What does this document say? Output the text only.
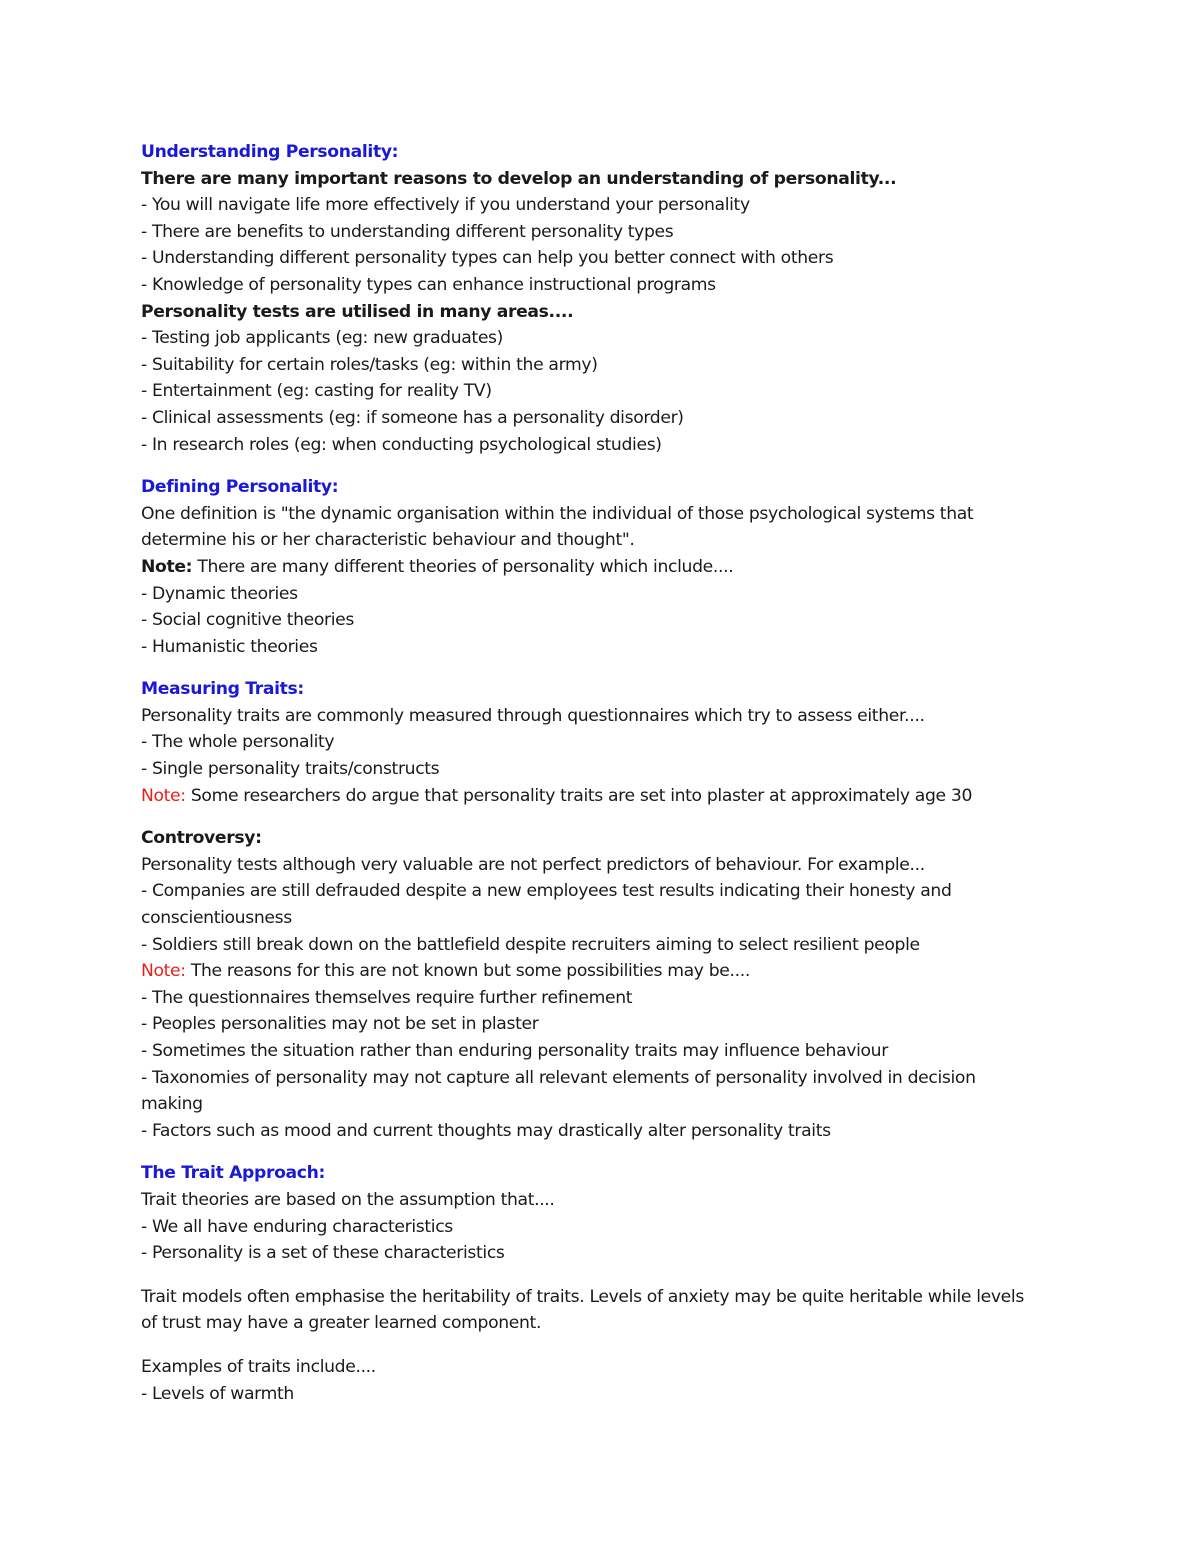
Understanding Personality:
There are many important reasons to develop an understanding of personality...
- You will navigate life more effectively if you understand your personality
- There are benefits to understanding different personality types
- Understanding different personality types can help you better connect with others
- Knowledge of personality types can enhance instructional programs
Personality tests are utilised in many areas....
- Testing job applicants (eg: new graduates)
- Suitability for certain roles/tasks (eg: within the army)
- Entertainment (eg: casting for reality TV)
- Clinical assessments (eg: if someone has a personality disorder)
- In research roles (eg: when conducting psychological studies)
Defining Personality:
One definition is "the dynamic organisation within the individual of those psychological systems that determine his or her characteristic behaviour and thought".
Note: There are many different theories of personality which include....
- Dynamic theories
- Social cognitive theories
- Humanistic theories
Measuring Traits:
Personality traits are commonly measured through questionnaires which try to assess either....
- The whole personality
- Single personality traits/constructs
Note: Some researchers do argue that personality traits are set into plaster at approximately age 30
Controversy:
Personality tests although very valuable are not perfect predictors of behaviour. For example...
- Companies are still defrauded despite a new employees test results indicating their honesty and conscientiousness
- Soldiers still break down on the battlefield despite recruiters aiming to select resilient people
Note: The reasons for this are not known but some possibilities may be....
- The questionnaires themselves require further refinement
- Peoples personalities may not be set in plaster
- Sometimes the situation rather than enduring personality traits may influence behaviour
- Taxonomies of personality may not capture all relevant elements of personality involved in decision making
- Factors such as mood and current thoughts may drastically alter personality traits
The Trait Approach:
Trait theories are based on the assumption that....
- We all have enduring characteristics
- Personality is a set of these characteristics
Trait models often emphasise the heritability of traits. Levels of anxiety may be quite heritable while levels of trust may have a greater learned component.
Examples of traits include....
- Levels of warmth
